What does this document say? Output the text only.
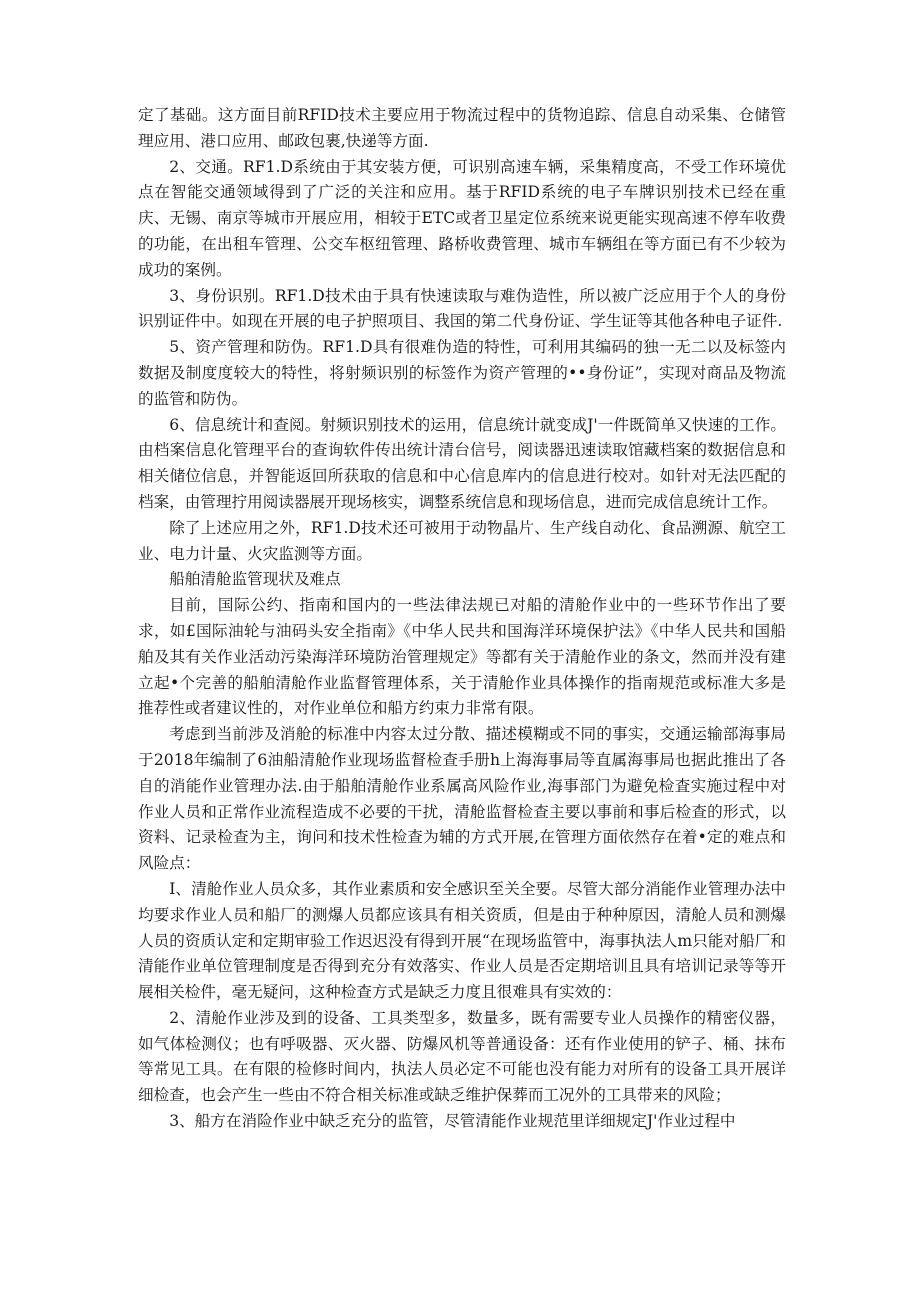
定了基础。这方面目前RFID技术主要应用于物流过程中的货物追踪、信息自动采集、仓储管理应用、港口应用、邮政包裹,快递等方面.

2、交通。RF1.D系统由于其安装方便，可识别高速车辆，采集精度高，不受工作环境优点在智能交通领域得到了广泛的关注和应用。基于RFID系统的电子车牌识别技术已经在重庆、无锡、南京等城市开展应用，相较于ETC或者卫星定位系统来说更能实现高速不停车收费的功能，在出租车管理、公交车枢纽管理、路桥收费管理、城市车辆组在等方面已有不少较为成功的案例。

3、身份识别。RF1.D技术由于具有快速读取与难伪造性，所以被广泛应用于个人的身份识别证件中。如现在开展的电子护照项目、我国的第二代身份证、学生证等其他各种电子证件.

5、资产管理和防伪。RF1.D具有很难伪造的特性，可利用其编码的独一无二以及标签内数据及制度度较大的特性，将射频识别的标签作为资产管理的••身份证”，实现对商品及物流的监管和防伪。

6、信息统计和查阅。射频识别技术的运用，信息统计就变成J'一件既简单又快速的工作。由档案信息化管理平台的查询软件传出统计清台信号，阅读器迅速读取馆藏档案的数据信息和相关储位信息，并智能返回所获取的信息和中心信息库内的信息进行校对。如针对无法匹配的档案，由管理拧用阅读器展开现场核实，调整系统信息和现场信息，进而完成信息统计工作。

除了上述应用之外，RF1.D技术还可被用于动物晶片、生产线自动化、食品溯源、航空工业、电力计量、火灾监测等方面。

船舶清舱监管现状及难点

目前，国际公约、指南和国内的一些法律法规已对船的清舱作业中的一些环节作出了要求，如£国际油轮与油码头安全指南》《中华人民共和国海洋环境保护法》《中华人民共和国船舶及其有关作业活动污染海洋环境防治管理规定》等都有关于清舱作业的条文，然而并没有建立起•个完善的船舶清舱作业监督管理体系，关于清舱作业具体操作的指南规范或标准大多是推荐性或者建议性的，对作业单位和船方约束力非常有限。

考虑到当前涉及消舱的标准中内容太过分散、描述模糊或不同的事实，交通运输部海事局于2018年编制了6油船清舱作业现场监督检查手册h上海海事局等直属海事局也据此推出了各自的消能作业管理办法.由于船舶清舱作业系属高风险作业,海事部门为避免检査实施过程中对作业人员和正常作业流程造成不必要的干扰，清舱监督检查主要以事前和事后检查的形式，以资料、记录检查为主，询问和技术性检查为辅的方式开展,在管理方面依然存在着•定的难点和风险点：

I、清舱作业人员众多，其作业素质和安全感识至关全要。尽管大部分消能作业管理办法中均要求作业人员和船厂的测爆人员都应该具有相关资质，但是由于种种原因，清舱人员和测爆人员的资质认定和定期审验工作迟迟没有得到开展“在现场监管中，海事执法人m只能对船厂和清能作业单位管理制度是否得到充分有效落实、作业人员是否定期培训且具有培训记录等等开展相关检件，毫无疑问，这种检查方式是缺乏力度且很难具有实效的：

2、清舱作业涉及到的设备、工具类型多，数量多，既有需要专业人员操作的精密仪器，如气体检测仪；也有呼吸器、灭火器、防爆风机等普通设备：还有作业使用的铲子、桶、抹布等常见工具。在有限的检修时间内，执法人员必定不可能也没有能力对所有的设备工具开展详细检查，也会产生一些由不符合相关标准或缺乏维护保葬而工况外的工具带来的风险；

3、船方在消险作业中缺乏充分的监管，尽管清能作业规范里详细规定J'作业过程中
